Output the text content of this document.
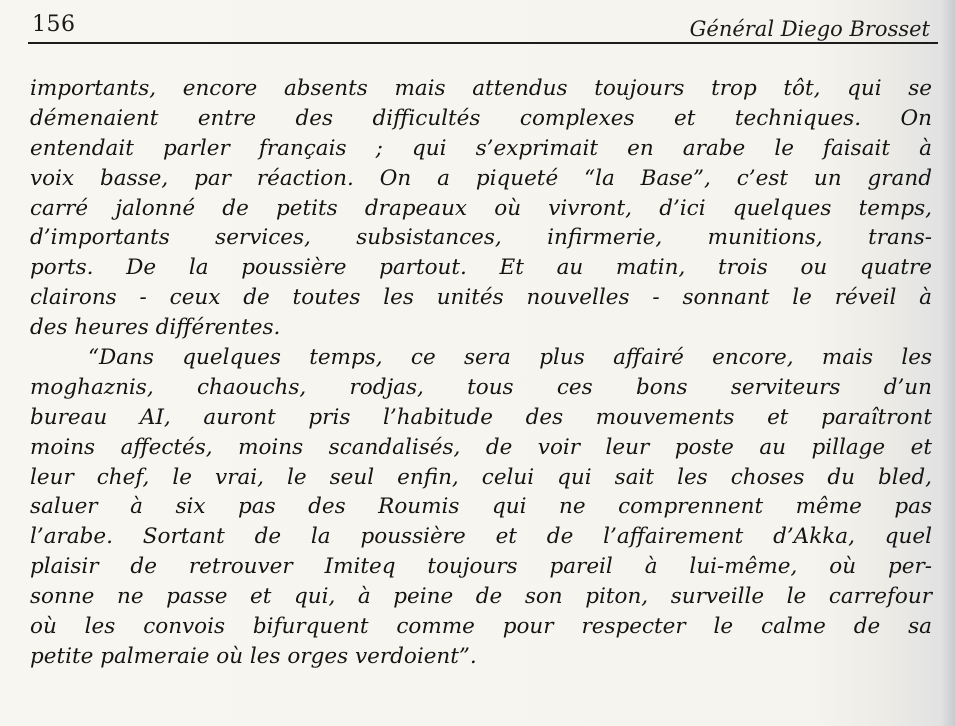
156	Général Diego Brosset
importants, encore absents mais attendus toujours trop tôt, qui se
démenaient entre des difficultés complexes et techniques. On
entendait parler français ; qui s’exprimait en arabe le faisait à
voix basse, par réaction. On a piqueté “la Base”, c’est un grand
carré jalonné de petits drapeaux où vivront, d’ici quelques temps,
d’importants services, subsistances, infirmerie, munitions, trans-
ports. De la poussière partout. Et au matin, trois ou quatre
clairons - ceux de toutes les unités nouvelles - sonnant le réveil à
des heures différentes.
“Dans quelques temps, ce sera plus affairé encore, mais les
moghaznis, chaouchs, rodjas, tous ces bons serviteurs d’un
bureau AI, auront pris l’habitude des mouvements et paraîtront
moins affectés, moins scandalisés, de voir leur poste au pillage et
leur chef, le vrai, le seul enfin, celui qui sait les choses du bled,
saluer à six pas des Roumis qui ne comprennent même pas
l’arabe. Sortant de la poussière et de l’affairement d’Akka, quel
plaisir de retrouver Imiteq toujours pareil à lui-même, où per-
sonne ne passe et qui, à peine de son piton, surveille le carrefour
où les convois bifurquent comme pour respecter le calme de sa
petite palmeraie où les orges verdoient”.
